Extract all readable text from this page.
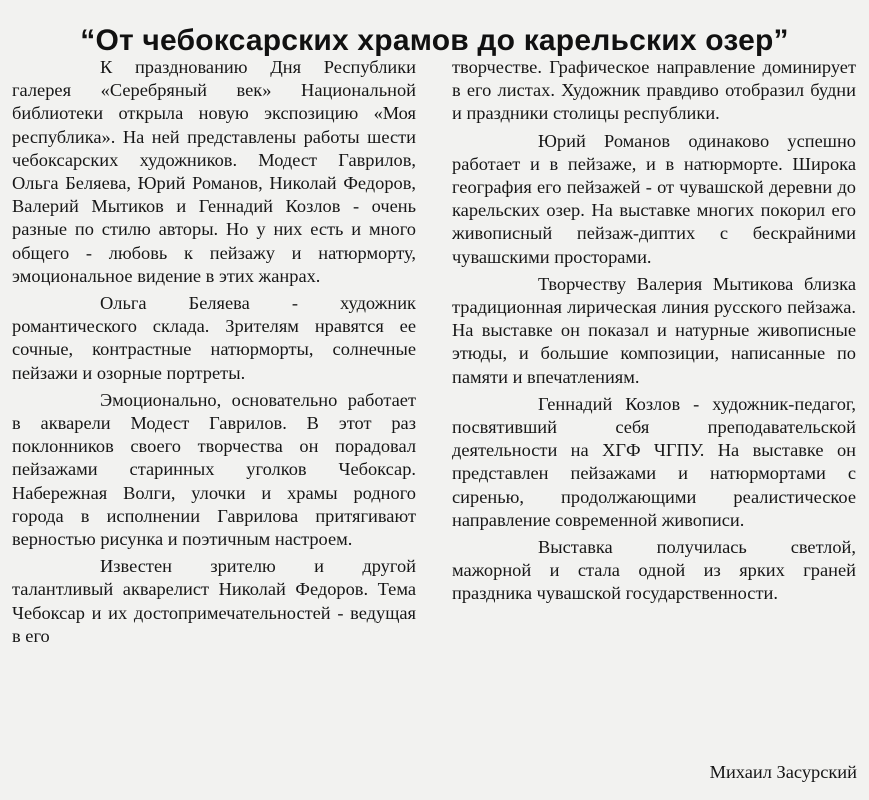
“От чебоксарских храмов до карельских озер”

К празднованию Дня Республики галерея «Серебряный век» Национальной библиотеки открыла новую экспозицию «Моя республика». На ней представлены работы шести чебоксарских художников. Модест Гаврилов, Ольга Беляева, Юрий Романов, Николай Федоров, Валерий Мытиков и Геннадий Козлов - очень разные по стилю авторы. Но у них есть и много общего - любовь к пейзажу и натюрморту, эмоциональное видение в этих жанрах.

Ольга Беляева - художник романтического склада. Зрителям нравятся ее сочные, контрастные натюрморты, солнечные пейзажи и озорные портреты.

Эмоционально, основательно работает в акварели Модест Гаврилов. В этот раз поклонников своего творчества он порадовал пейзажами старинных уголков Чебоксар. Набережная Волги, улочки и храмы родного города в исполнении Гаврилова притягивают верностью рисунка и поэтичным настроем.

Известен зрителю и другой талантливый акварелист Николай Федоров. Тема Чебоксар и их достопримечательностей - ведущая в его

творчестве. Графическое направление доминирует в его листах. Художник правдиво отобразил будни и праздники столицы республики.

Юрий Романов одинаково успешно работает и в пейзаже, и в натюрморте. Широка география его пейзажей - от чувашской деревни до карельских озер. На выставке многих покорил его живописный пейзаж-диптих с бескрайними чувашскими просторами.

Творчеству Валерия Мытикова близка традиционная лирическая линия русского пейзажа. На выставке он показал и натурные живописные этюды, и большие композиции, написанные по памяти и впечатлениям.

Геннадий Козлов - художник-педагог, посвятивший себя преподавательской деятельности на ХГФ ЧГПУ. На выставке он представлен пейзажами и натюрмортами с сиренью, продолжающими реалистическое направление современной живописи.

Выставка получилась светлой, мажорной и стала одной из ярких граней праздника чувашской государственности.

Михаил Засурский
